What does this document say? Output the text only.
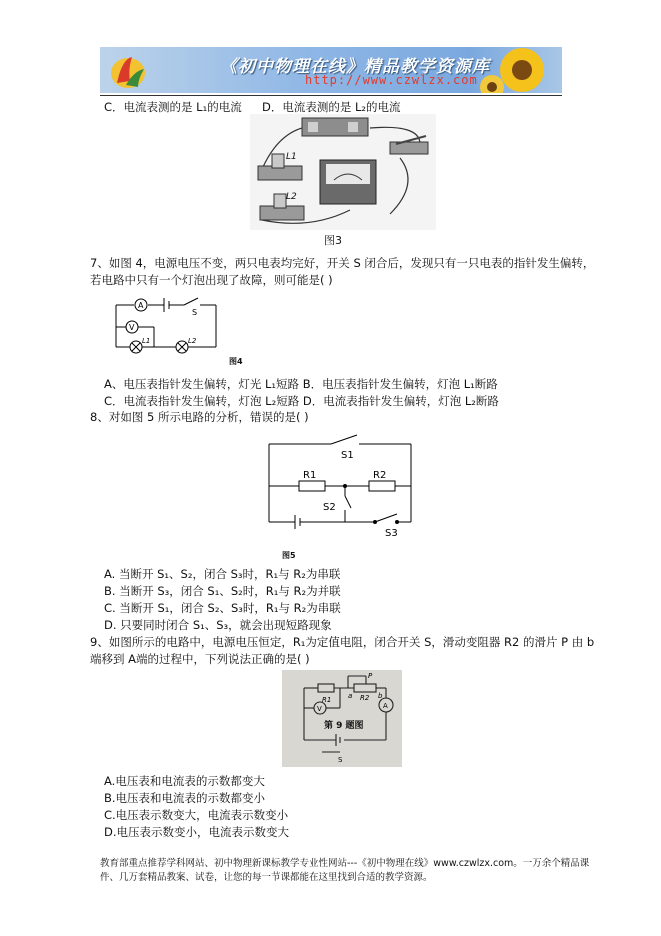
《初中物理在线》精品教学资源库
http://www.czwlzx.com
C．电流表测的是 L₁的电流 D．电流表测的是 L₂的电流
L1
L2
图3
7、如图 4，电源电压不变，两只电表均完好，开关 S 闭合后，发现只有一只电表的指针发生偏转，
若电路中只有一个灯泡出现了故障，则可能是( )
A
V
S
L1	L2
图4
A、电压表指针发生偏转，灯光 L₁短路 B．电压表指针发生偏转，灯泡 L₁断路
C．电流表指针发生偏转，灯泡 L₂短路 D．电流表指针发生偏转，灯泡 L₂断路
8、对如图 5 所示电路的分析，错误的是( )
S1
R1	R2
S2
S3
图5
A. 当断开 S₁、S₂，闭合 S₃时，R₁与 R₂为串联
B. 当断开 S₃，闭合 S₁、S₂时，R₁与 R₂为并联
C. 当断开 S₁，闭合 S₂、S₃时，R₁与 R₂为串联
D. 只要同时闭合 S₁、S₃，就会出现短路现象
9、如图所示的电路中，电源电压恒定，R₁为定值电阻，闭合开关 S，滑动变阻器 R2 的滑片 P 由 b
端移到 A端的过程中，下列说法正确的是( )
R1	R2
P
a	b
V	A
S
第 9 题图
A.电压表和电流表的示数都变大
B.电压表和电流表的示数都变小
C.电压表示数变大，电流表示数变小
D.电压表示数变小，电流表示数变大
教育部重点推荐学科网站、初中物理新课标教学专业性网站---《初中物理在线》www.czwlzx.com。一万余个精品课
件、几万套精品教案、试卷，让您的每一节课都能在这里找到合适的教学资源。
